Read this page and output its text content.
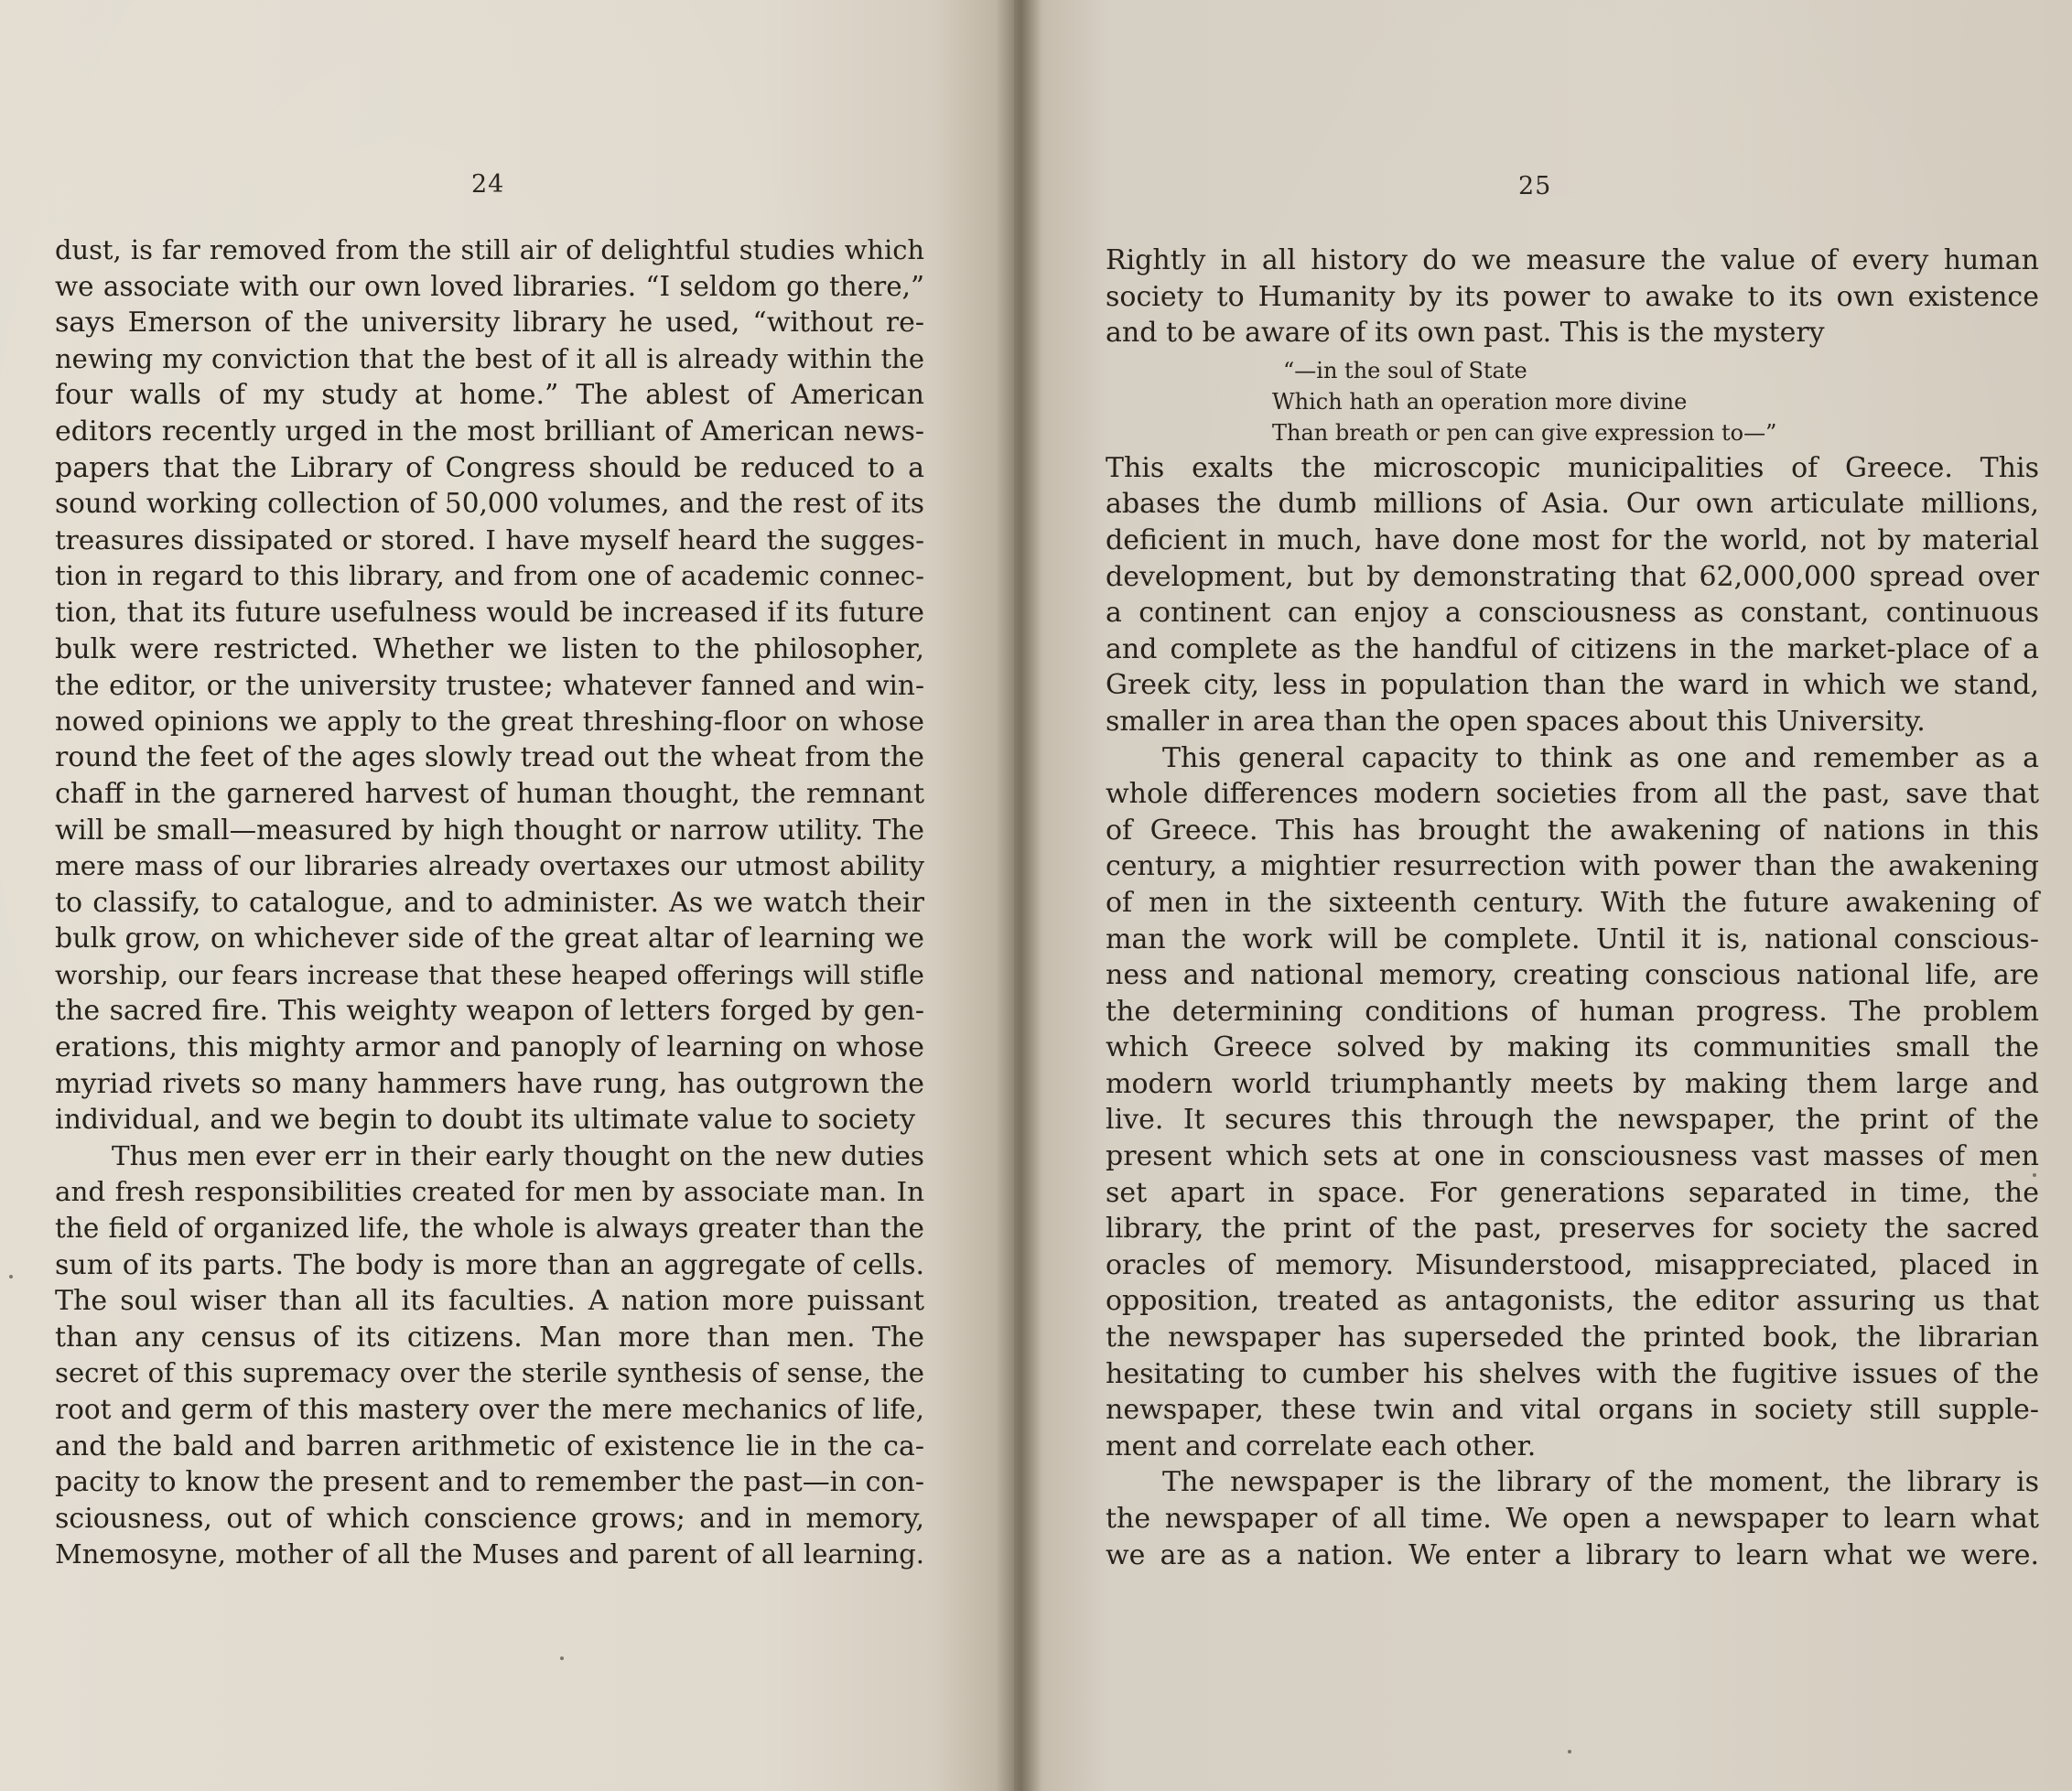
24
dust, is far removed from the still air of delightful studies which
we associate with our own loved libraries. “I seldom go there,”
says Emerson of the university library he used, “without re-
newing my conviction that the best of it all is already within the
four walls of my study at home.” The ablest of American
editors recently urged in the most brilliant of American news-
papers that the Library of Congress should be reduced to a
sound working collection of 50,000 volumes, and the rest of its
treasures dissipated or stored. I have myself heard the sugges-
tion in regard to this library, and from one of academic connec-
tion, that its future usefulness would be increased if its future
bulk were restricted. Whether we listen to the philosopher,
the editor, or the university trustee; whatever fanned and win-
nowed opinions we apply to the great threshing-floor on whose
round the feet of the ages slowly tread out the wheat from the
chaff in the garnered harvest of human thought, the remnant
will be small—measured by high thought or narrow utility. The
mere mass of our libraries already overtaxes our utmost ability
to classify, to catalogue, and to administer. As we watch their
bulk grow, on whichever side of the great altar of learning we
worship, our fears increase that these heaped offerings will stifle
the sacred fire. This weighty weapon of letters forged by gen-
erations, this mighty armor and panoply of learning on whose
myriad rivets so many hammers have rung, has outgrown the
individual, and we begin to doubt its ultimate value to society
Thus men ever err in their early thought on the new duties
and fresh responsibilities created for men by associate man. In
the field of organized life, the whole is always greater than the
sum of its parts. The body is more than an aggregate of cells.
The soul wiser than all its faculties. A nation more puissant
than any census of its citizens. Man more than men. The
secret of this supremacy over the sterile synthesis of sense, the
root and germ of this mastery over the mere mechanics of life,
and the bald and barren arithmetic of existence lie in the ca-
pacity to know the present and to remember the past—in con-
sciousness, out of which conscience grows; and in memory,
Mnemosyne, mother of all the Muses and parent of all learning.
25
Rightly in all history do we measure the value of every human
society to Humanity by its power to awake to its own existence
and to be aware of its own past. This is the mystery
“—in the soul of State
Which hath an operation more divine
Than breath or pen can give expression to—”
This exalts the microscopic municipalities of Greece. This
abases the dumb millions of Asia. Our own articulate millions,
deficient in much, have done most for the world, not by material
development, but by demonstrating that 62,000,000 spread over
a continent can enjoy a consciousness as constant, continuous
and complete as the handful of citizens in the market-place of a
Greek city, less in population than the ward in which we stand,
smaller in area than the open spaces about this University.
This general capacity to think as one and remember as a
whole differences modern societies from all the past, save that
of Greece. This has brought the awakening of nations in this
century, a mightier resurrection with power than the awakening
of men in the sixteenth century. With the future awakening of
man the work will be complete. Until it is, national conscious-
ness and national memory, creating conscious national life, are
the determining conditions of human progress. The problem
which Greece solved by making its communities small the
modern world triumphantly meets by making them large and
live. It secures this through the newspaper, the print of the
present which sets at one in consciousness vast masses of men
set apart in space. For generations separated in time, the
library, the print of the past, preserves for society the sacred
oracles of memory. Misunderstood, misappreciated, placed in
opposition, treated as antagonists, the editor assuring us that
the newspaper has superseded the printed book, the librarian
hesitating to cumber his shelves with the fugitive issues of the
newspaper, these twin and vital organs in society still supple-
ment and correlate each other.
The newspaper is the library of the moment, the library is
the newspaper of all time. We open a newspaper to learn what
we are as a nation. We enter a library to learn what we were.
